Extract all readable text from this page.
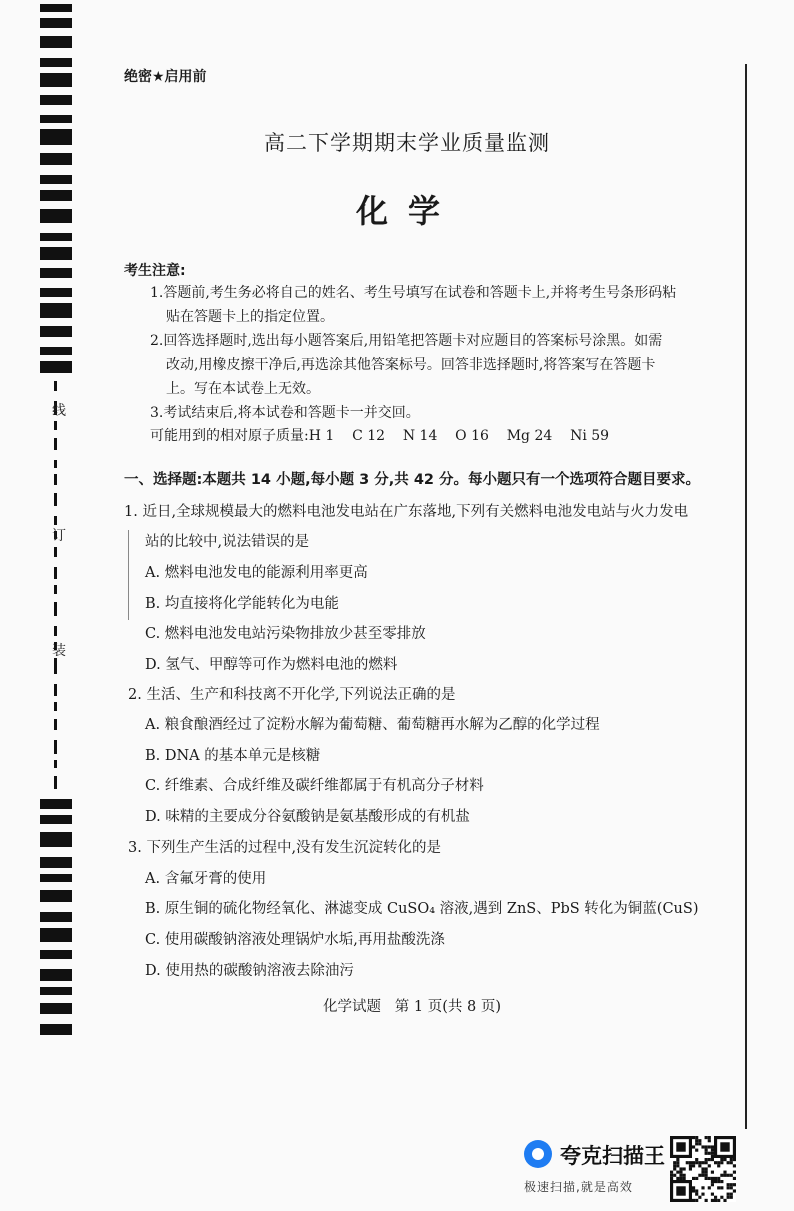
线
订
装
绝密★启用前
高二下学期期末学业质量监测
化学
考生注意:
1.答题前,考生务必将自己的姓名、考生号填写在试卷和答题卡上,并将考生号条形码粘
贴在答题卡上的指定位置。
2.回答选择题时,选出每小题答案后,用铅笔把答题卡对应题目的答案标号涂黑。如需
改动,用橡皮擦干净后,再选涂其他答案标号。回答非选择题时,将答案写在答题卡
上。写在本试卷上无效。
3.考试结束后,将本试卷和答题卡一并交回。
可能用到的相对原子质量:H 1    C 12    N 14    O 16    Mg 24    Ni 59
一、选择题:本题共 14 小题,每小题 3 分,共 42 分。每小题只有一个选项符合题目要求。
1. 近日,全球规模最大的燃料电池发电站在广东落地,下列有关燃料电池发电站与火力发电
站的比较中,说法错误的是
A. 燃料电池发电的能源利用率更高
B. 均直接将化学能转化为电能
C. 燃料电池发电站污染物排放少甚至零排放
D. 氢气、甲醇等可作为燃料电池的燃料
2. 生活、生产和科技离不开化学,下列说法正确的是
A. 粮食酿酒经过了淀粉水解为葡萄糖、葡萄糖再水解为乙醇的化学过程
B. DNA 的基本单元是核糖
C. 纤维素、合成纤维及碳纤维都属于有机高分子材料
D. 味精的主要成分谷氨酸钠是氨基酸形成的有机盐
3. 下列生产生活的过程中,没有发生沉淀转化的是
A. 含氟牙膏的使用
B. 原生铜的硫化物经氧化、淋滤变成 CuSO₄ 溶液,遇到 ZnS、PbS 转化为铜蓝(CuS)
C. 使用碳酸钠溶液处理锅炉水垢,再用盐酸洗涤
D. 使用热的碳酸钠溶液去除油污
化学试题   第 1 页(共 8 页)
夸克扫描王
极速扫描,就是高效
